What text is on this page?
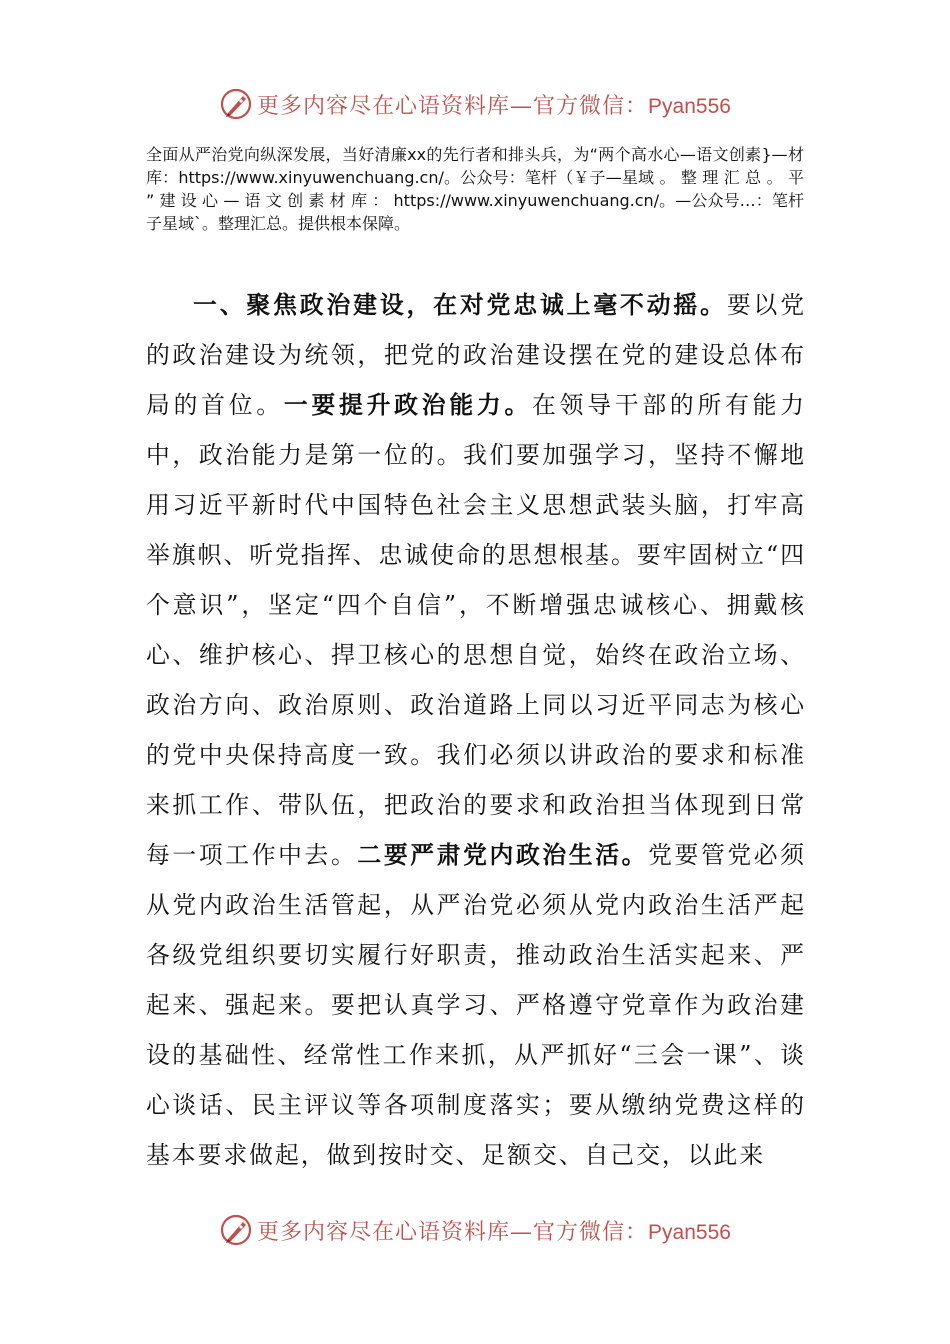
更多内容尽在心语资料库—官方微信：Pyan556
全面从严治党向纵深发展，当好清廉xx的先行者和排头兵，为“两个高水心—语文创素}—材库：https://www.xinyuwenchuang.cn/。公众号：笔杆（￥子—星域 。 整 理 汇 总 。 平 ” 建 设 心 — 语 文 创 素 材 库 ： https://www.xinyuwenchuang.cn/。—公众号…：笔杆子星域`。整理汇总。提供根本保障。

一、聚焦政治建设，在对党忠诚上毫不动摇。要以党的政治建设为统领，把党的政治建设摆在党的建设总体布局的首位。一要提升政治能力。在领导干部的所有能力中，政治能力是第一位的。我们要加强学习，坚持不懈地用习近平新时代中国特色社会主义思想武装头脑，打牢高举旗帜、听党指挥、忠诚使命的思想根基。要牢固树立“四个意识”，坚定“四个自信”，不断增强忠诚核心、拥戴核心、维护核心、捍卫核心的思想自觉，始终在政治立场、政治方向、政治原则、政治道路上同以习近平同志为核心的党中央保持高度一致。我们必须以讲政治的要求和标准来抓工作、带队伍，把政治的要求和政治担当体现到日常每一项工作中去。二要严肃党内政治生活。党要管党必须从党内政治生活管起，从严治党必须从党内政治生活严起各级党组织要切实履行好职责，推动政治生活实起来、严起来、强起来。要把认真学习、严格遵守党章作为政治建设的基础性、经常性工作来抓，从严抓好“三会一课”、谈心谈话、民主评议等各项制度落实；要从缴纳党费这样的基本要求做起，做到按时交、足额交、自己交，以此来

更多内容尽在心语资料库—官方微信：Pyan556
